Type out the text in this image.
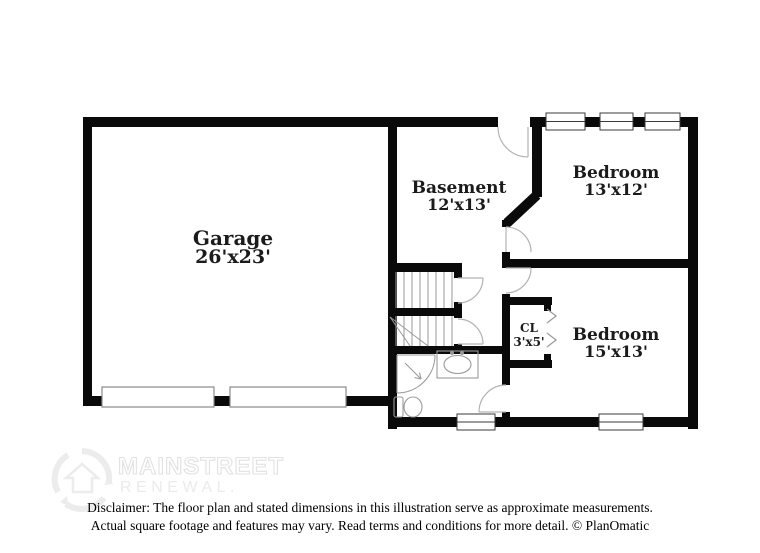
Garage
26'x23'
Basement
12'x13'
Bedroom
13'x12'
Bedroom
15'x13'
CL
3'x5'
MAINSTREET
RENEWAL.
Disclaimer: The floor plan and stated dimensions in this illustration serve as approximate measurements.
Actual square footage and features may vary. Read terms and conditions for more detail. © PlanOmatic
